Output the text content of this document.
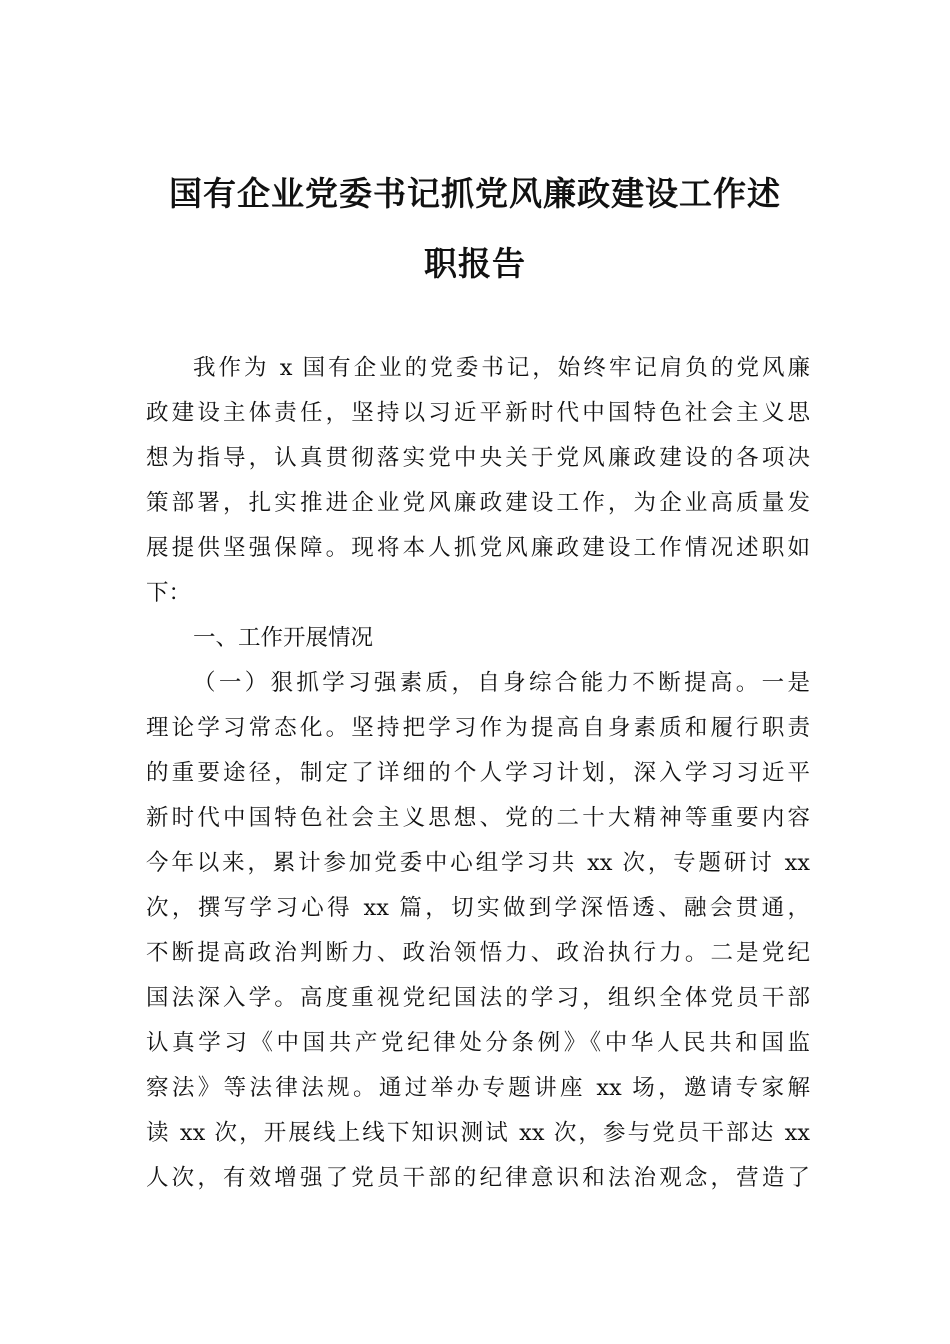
国有企业党委书记抓党风廉政建设工作述
职报告
我作为 x 国有企业的党委书记，始终牢记肩负的党风廉
政建设主体责任，坚持以习近平新时代中国特色社会主义思
想为指导，认真贯彻落实党中央关于党风廉政建设的各项决
策部署，扎实推进企业党风廉政建设工作，为企业高质量发
展提供坚强保障。现将本人抓党风廉政建设工作情况述职如
下：
一、工作开展情况
（一）狠抓学习强素质，自身综合能力不断提高。一是
理论学习常态化。坚持把学习作为提高自身素质和履行职责
的重要途径，制定了详细的个人学习计划，深入学习习近平
新时代中国特色社会主义思想、党的二十大精神等重要内容
今年以来，累计参加党委中心组学习共 xx 次，专题研讨 xx
次，撰写学习心得 xx 篇，切实做到学深悟透、融会贯通，
不断提高政治判断力、政治领悟力、政治执行力。二是党纪
国法深入学。高度重视党纪国法的学习，组织全体党员干部
认真学习《中国共产党纪律处分条例》《中华人民共和国监
察法》等法律法规。通过举办专题讲座 xx 场，邀请专家解
读 xx 次，开展线上线下知识测试 xx 次，参与党员干部达 xx
人次，有效增强了党员干部的纪律意识和法治观念，营造了
